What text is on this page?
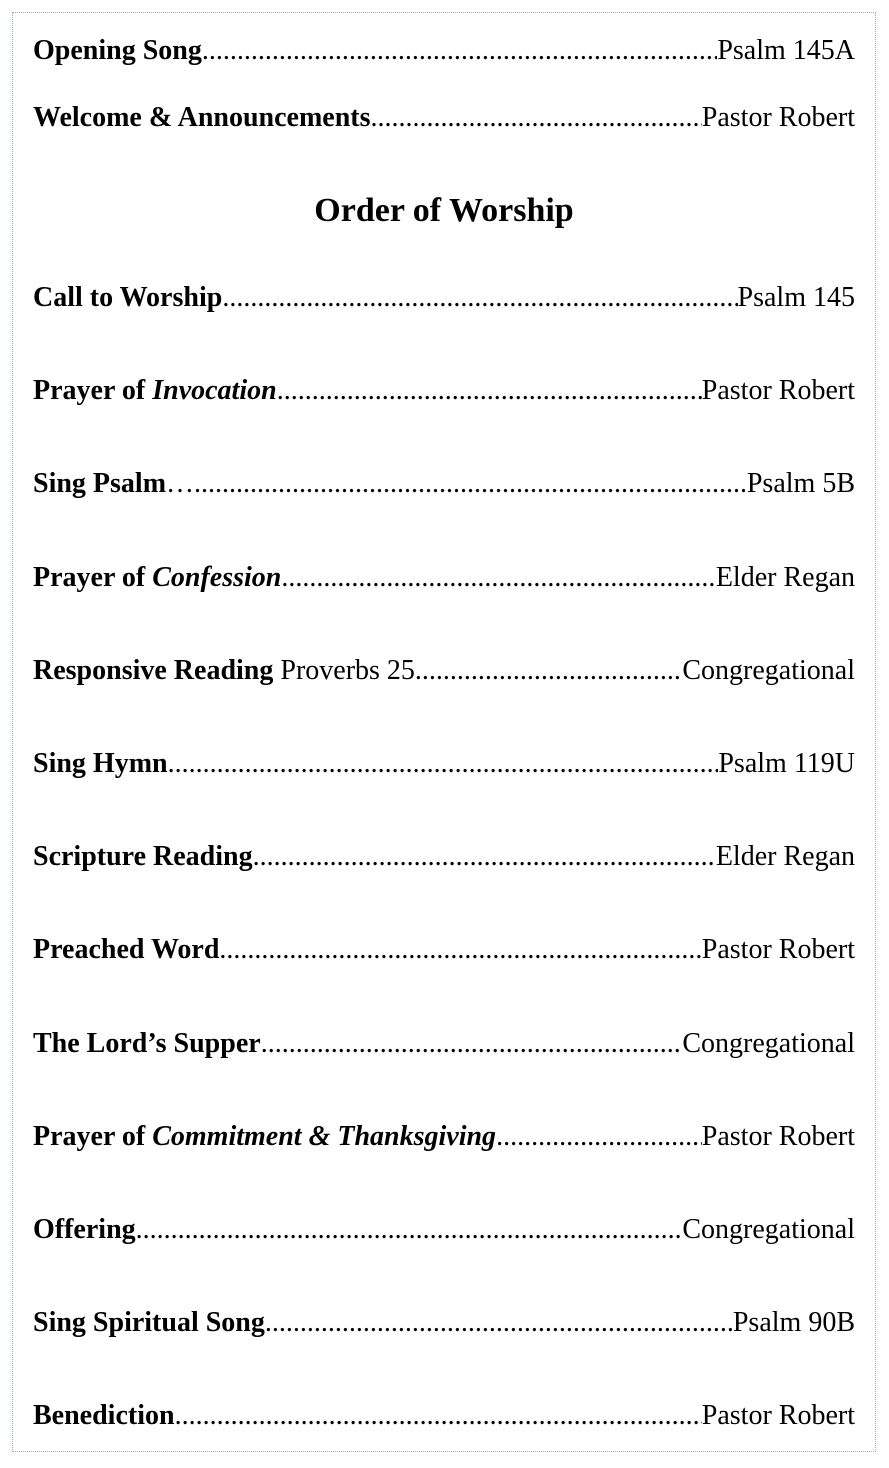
Opening Song .....	Psalm 145A
Welcome & Announcements .....	Pastor Robert
Order of Worship
Call to Worship .....	Psalm 145
Prayer of Invocation .....	Pastor Robert
Sing Psalm … .....	Psalm 5B
Prayer of Confession .....	Elder Regan
Responsive Reading Proverbs 25 .....	Congregational
Sing Hymn .....	Psalm 119U
Scripture Reading .....	Elder Regan
Preached Word .....	Pastor Robert
The Lord’s Supper .....	Congregational
Prayer of Commitment & Thanksgiving .....	Pastor Robert
Offering .....	Congregational
Sing Spiritual Song .....	Psalm 90B
Benediction .....	Pastor Robert
